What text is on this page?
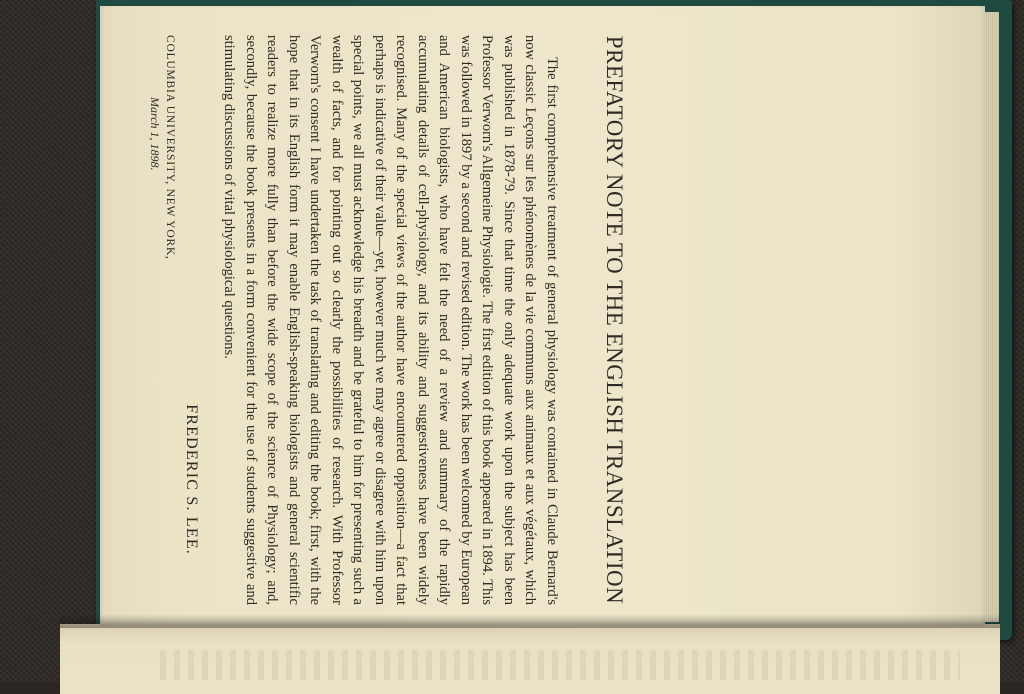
PREFATORY NOTE TO THE ENGLISH TRANSLATION

The first comprehensive treatment of general physiology was contained in Claude Bernard's now classic Leçons sur les phénomènes de la vie communs aux animaux et aux végétaux, which was published in 1878-79. Since that time the only adequate work upon the subject has been Professor Verworn's Allgemeine Physiologie. The first edition of this book appeared in 1894. This was followed in 1897 by a second and revised edition. The work has been welcomed by European and American biologists, who have felt the need of a review and summary of the rapidly accumulating details of cell-physiology, and its ability and suggestiveness have been widely recognised. Many of the special views of the author have encountered opposition—a fact that perhaps is indicative of their value—yet, however much we may agree or disagree with him upon special points, we all must acknowledge his breadth and be grateful to him for presenting such a wealth of facts, and for pointing out so clearly the possibilities of research. With Professor Verworn's consent I have undertaken the task of translating and editing the book; first, with the hope that in its English form it may enable English-speaking biologists and general scientific readers to realize more fully than before the wide scope of the science of Physiology; and, secondly, because the book presents in a form convenient for the use of students suggestive and stimulating discussions of vital physiological questions.

FREDERIC S. LEE.
COLUMBIA UNIVERSITY, NEW YORK,
March 1, 1898.
